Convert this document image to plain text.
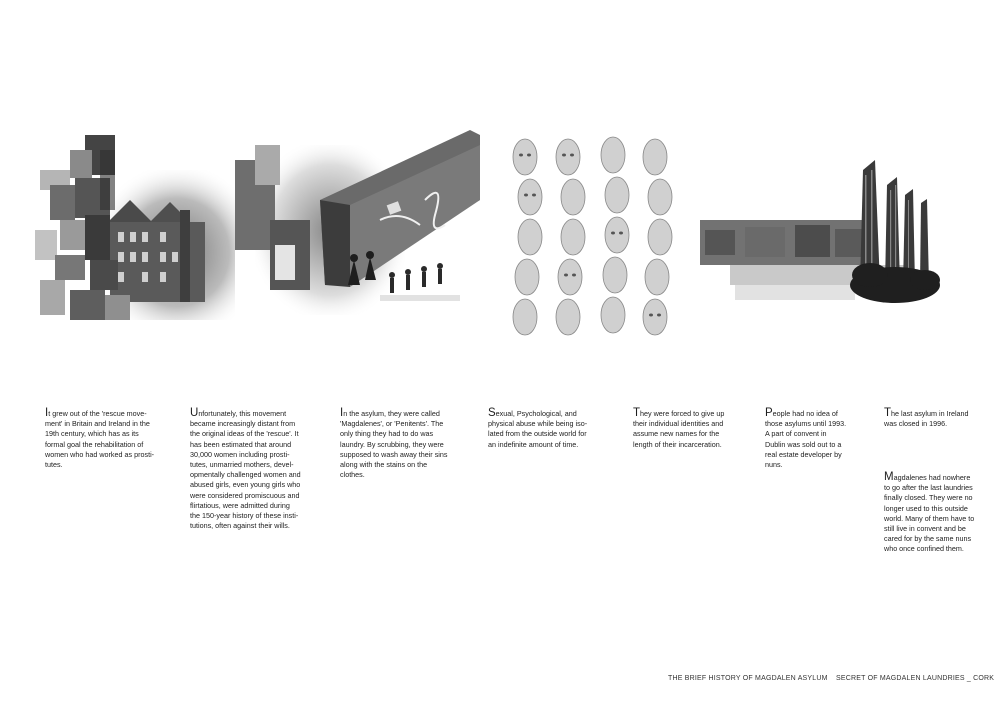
It grew out of the 'rescue move-
ment' in Britain and Ireland in the
19th century, which has as its
formal goal the rehabilitation of
women who had worked as prosti-
tutes.
Unfortunately, this movement
became increasingly distant from
the original ideas of the 'rescue'. It
has been estimated that around
30,000 women including prosti-
tutes, unmarried mothers, devel-
opmentally challenged women and
abused girls, even young girls who
were considered promiscuous and
flirtatious, were admitted during
the 150-year history of these insti-
tutions, often against their wills.
In the asylum, they were called
'Magdalenes', or 'Penitents'. The
only thing they had to do was
laundry. By scrubbing, they were
supposed to wash away their sins
along with the stains on the
clothes.
Sexual, Psychological, and
physical abuse while being iso-
lated from the outside world for
an indefinite amount of time.
They were forced to give up
their individual identities and
assume new names for the
length of their incarceration.
People had no idea of
those asylums until 1993.
A part of convent in
Dublin was sold out to a
real estate developer by
nuns.
The last asylum in Ireland
was closed in 1996.
Magdalenes had nowhere
to go after the last laundries
finally closed. They were no
longer used to this outside
world. Many of them have to
still live in convent and be
cared for by the same nuns
who once confined them.
THE BRIEF HISTORY OF MAGDALEN ASYLUM SECRET OF MAGDALEN LAUNDRIES _ CORK
